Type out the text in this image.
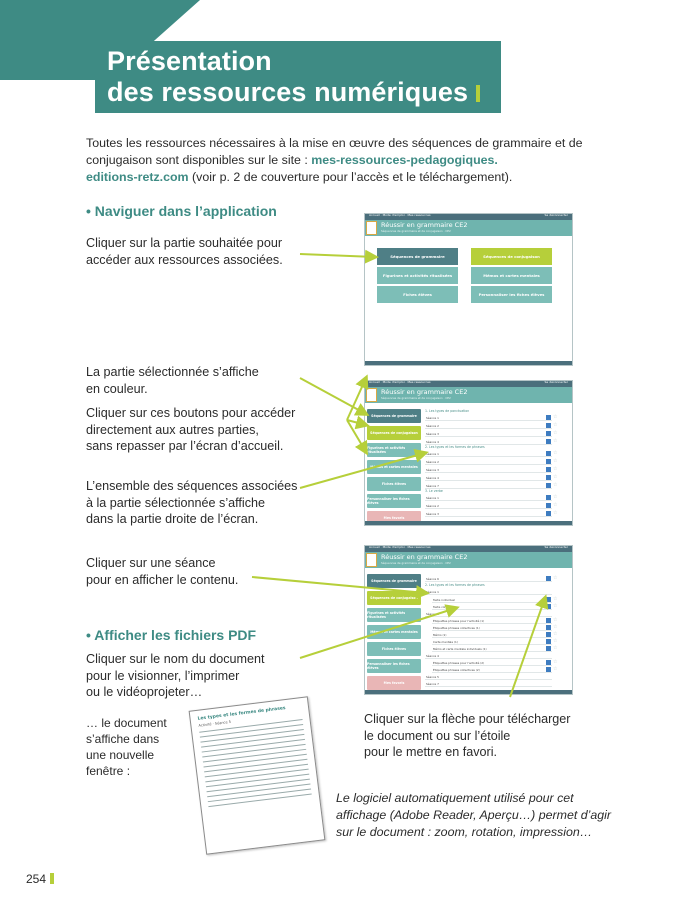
Présentation
des ressources numériques
Toutes les ressources nécessaires à la mise en œuvre des séquences de grammaire et de conjugaison sont disponibles sur le site : mes-ressources-pedagogiques.
editions-retz.com (voir p. 2 de couverture pour l’accès et le téléchargement).
• Naviguer dans l’application
Cliquer sur la partie souhaitée pour
accéder aux ressources associées.
La partie sélectionnée s’affiche
en couleur.
Cliquer sur ces boutons pour accéder
directement aux autres parties,
sans repasser par l’écran d’accueil.
L’ensemble des séquences associées
à la partie sélectionnée s’affiche
dans la partie droite de l’écran.
Cliquer sur une séance
pour en afficher le contenu.
• Afficher les fichiers PDF
Cliquer sur le nom du document
pour le visionner, l’imprimer
ou le vidéoprojeter…
… le document
s’affiche dans
une nouvelle
fenêtre :
Cliquer sur la flèche pour télécharger
le document ou sur l’étoile
pour le mettre en favori.
Accueil · Mode d'emploi · Mes ressources	Se déconnecter
Réussir en grammaire CE2
Séquences de grammaire et de conjugaison · CE2
Séquences de grammaire	Séquences de conjugaison
Figurines et activités ritualisées	Mémos et cartes mentales
Fiches élèves	Personnaliser les fiches élèves
Accueil · Mode d'emploi · Mes ressources	Se déconnecter
Réussir en grammaire CE2
Séquences de grammaire et de conjugaison · CE2
Séquences de grammaire
Séquences de conjugaison
Figurines et activités ritualisées
Mémos et cartes mentales
Fiches élèves
Personnaliser les fiches élèves
Mes favoris
1. Les types de ponctuation
Séance 1
Séance 2
Séance 3
Séance 4
2. Les types et les formes de phrases
Séance 1
Séance 2
Séance 3
Séance 4
Séance 7
3. Le verbe
Séance 1
Séance 2
Séance 3
☆
☆
☆
☆
☆
☆
☆
☆
☆
☆
☆
☆
Accueil · Mode d'emploi · Mes ressources	Se déconnecter
Réussir en grammaire CE2
Séquences de grammaire et de conjugaison · CE2
Séquences de grammaire
Séquences de conjugaison
Figurines et activités ritualisées
Mémos et cartes mentales
Fiches élèves
Personnaliser les fiches élèves
Mes favoris
Séance 6
2. Les types et les formes de phrases
Séance 1
Texte individuel
Texte collectif
Séance 3
Étiquettes phrases pour l'activité (1)
Étiquettes phrases collectives (1)
Mémo (1)
Carte mentale (1)
Mémo et carte mentale individuels (1)
Séance 4
Étiquettes phrases pour l'activité (2)
Étiquettes phrases collectives (2)
Séance 5
Séance 7
☆
☆
☆
☆
☆
☆
☆
☆
☆
☆
Les types et les formes de phrases
Activité · Séance 5
Le logiciel automatiquement utilisé pour cet affichage (Adobe Reader, Aperçu…) permet d’agir sur le document : zoom, rotation, impression…
254
